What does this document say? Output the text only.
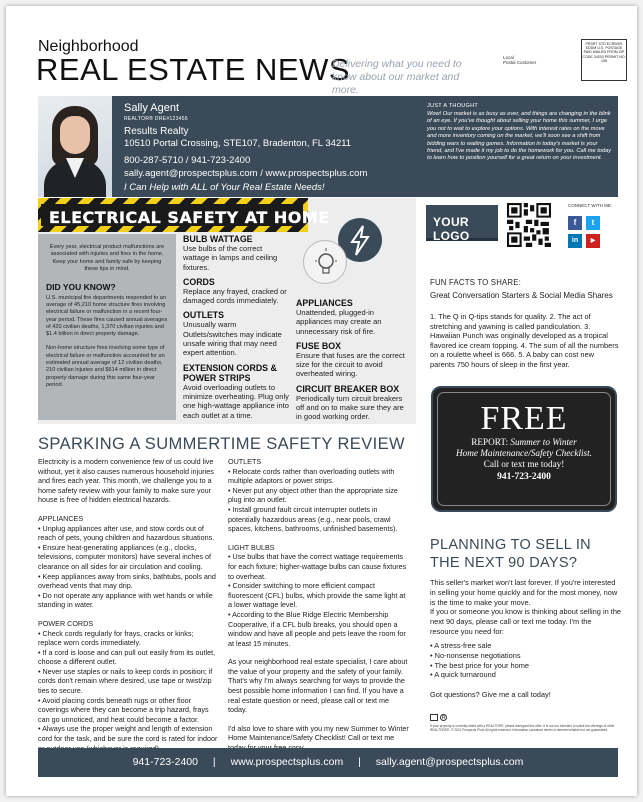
Neighborhood
REAL ESTATE NEWS
Delivering what you need to know about our market and more.
Local
Postal Customer
PRSRT STD ECRWSS EDDM U.S. POSTAGE PAID MAILED FROM ZIP CODE 34203 PERMIT NO. 106
Sally Agent
REALTOR® DRE#123456
Results Realty
10510 Portal Crossing, STE107, Bradenton, FL 34211
800-287-5710 / 941-723-2400
sally.agent@prospectsplus.com / www.prospectsplus.com
I Can Help with ALL of Your Real Estate Needs!
JUST A THOUGHT
Wow! Our market is as busy as ever, and things are changing in the blink of an eye. If you've thought about selling your home this summer, I urge you not to wait to explore your options. With interest rates on the move and more inventory coming on the market, we'll soon see a shift from bidding wars to waiting games. Information in today's market is your friend, and I've made it my job to do the homework for you. Call me today to learn how to position yourself for a great return on your investment.
ELECTRICAL SAFETY AT HOME
Every year, electrical product malfunctions are associated with injuries and fires in the home. Keep your home and family safe by keeping these tips in mind.
DID YOU KNOW?
U.S. municipal fire departments responded to an average of 45,210 home structure fires involving electrical failure or malfunction in a recent four-year period. These fires caused annual averages of 420 civilian deaths, 1,370 civilian injuries and $1.4 billion in direct property damage.
Non-home structure fires involving some type of electrical failure or malfunction accounted for an estimated annual average of 12 civilian deaths, 210 civilian injuries and $614 million in direct property damage during this same four-year period.
BULB WATTAGE
Use bulbs of the correct wattage in lamps and ceiling fixtures.
CORDS
Replace any frayed, cracked or damaged cords immediately.
OUTLETS
Unusually warm Outlets/switches may indicate unsafe wiring that may need expert attention.
EXTENSION CORDS & POWER STRIPS
Avoid overloading outlets to minimize overheating. Plug only one high-wattage appliance into each outlet at a time.
APPLIANCES
Unattended, plugged-in appliances may create an unnecessary risk of fire.
FUSE BOX
Ensure that fuses are the correct size for the circuit to avoid overheated wiring.
CIRCUIT BREAKER BOX
Periodically turn circuit breakers off and on to make sure they are in good working order.
YOUR LOGO
CONNECT WITH ME:
f	t
in	▶
FUN FACTS TO SHARE:
Great Conversation Starters & Social Media Shares
1. The Q in Q-tips stands for quality. 2. The act of stretching and yawning is called pandiculation. 3. Hawaiian Punch was originally developed as a tropical flavored ice cream topping. 4. The sum of all the numbers on a roulette wheel is 666. 5. A baby can cost new parents 750 hours of sleep in the first year.
FREE
REPORT: Summer to Winter
Home Maintenance/Safety Checklist.
Call or text me today!
941-723-2400
SPARKING A SUMMERTIME SAFETY REVIEW

Electricity is a modern convenience few of us could live without, yet it also causes numerous household injuries and fires each year. This month, we challenge you to a home safety review with your family to make sure your house is free of hidden electrical hazards.

APPLIANCES

• Unplug appliances after use, and stow cords out of reach of pets, young children and hazardous situations.

• Ensure heat-generating appliances (e.g., clocks, televisions, computer monitors) have several inches of clearance on all sides for air circulation and cooling.

• Keep appliances away from sinks, bathtubs, pools and overhead vents that may drip.

• Do not operate any appliance with wet hands or while standing in water.

POWER CORDS

• Check cords regularly for frays, cracks or kinks; replace worn cords immediately.

• If a cord is loose and can pull out easily from its outlet, choose a different outlet.

• Never use staples or nails to keep cords in position; if cords don't remain where desired, use tape or twist/zip ties to secure.

• Avoid placing cords beneath rugs or other floor coverings where they can become a trip hazard, frays can go unnoticed, and heat could become a factor.

• Always use the proper weight and length of extension cord for the task, and be sure the cord is rated for indoor

OUTLETS

• Relocate cords rather than overloading outlets with multiple adaptors or power strips.

• Never put any object other than the appropriate size plug into an outlet.

• Install ground fault circuit interrupter outlets in potentially hazardous areas (e.g., near pools, crawl spaces, kitchens, bathrooms, unfinished basements).

LIGHT BULBS

• Use bulbs that have the correct wattage requirements for each fixture; higher-wattage bulbs can cause fixtures to overheat.

• Consider switching to more efficient compact fluorescent (CFL) bulbs, which provide the same light at a lower wattage level.

• According to the Blue Ridge Electric Membership Cooperative, if a CFL bulb breaks, you should open a window and have all people and pets leave the room for at least 15 minutes.

As your neighborhood real estate specialist, I care about the value of your property and the safety of your family. That's why I'm always searching for ways to provide the best possible home information I can find. If you have a real estate question or need, please call or text me today.

I'd also love to share with you my new Summer to Winter Home Maintenance/Safety Checklist! Call or text me

PLANNING TO SELL IN THE NEXT 90 DAYS?

This seller's market won't last forever. If you're interested in selling your home quickly and for the most money, now is the time to make your move.

If you or someone you know is thinking about selling in the next 90 days, please call or text me today. I'm the resource you need for:

• A stress-free sale
• No-nonsense negotiations
• The best price for your home
• A quick turnaround
Got questions? Give me a call today!
R
If your property is currently listed with a REALTOR®, please disregard this offer. It is not our intention to solicit the offerings of other REALTORS®. © 2021 Prospects Plus! All rights reserved. Information contained herein is deemed reliable but not guaranteed.
941-723-2400 | www.prospectsplus.com | sally.agent@prospectsplus.com
